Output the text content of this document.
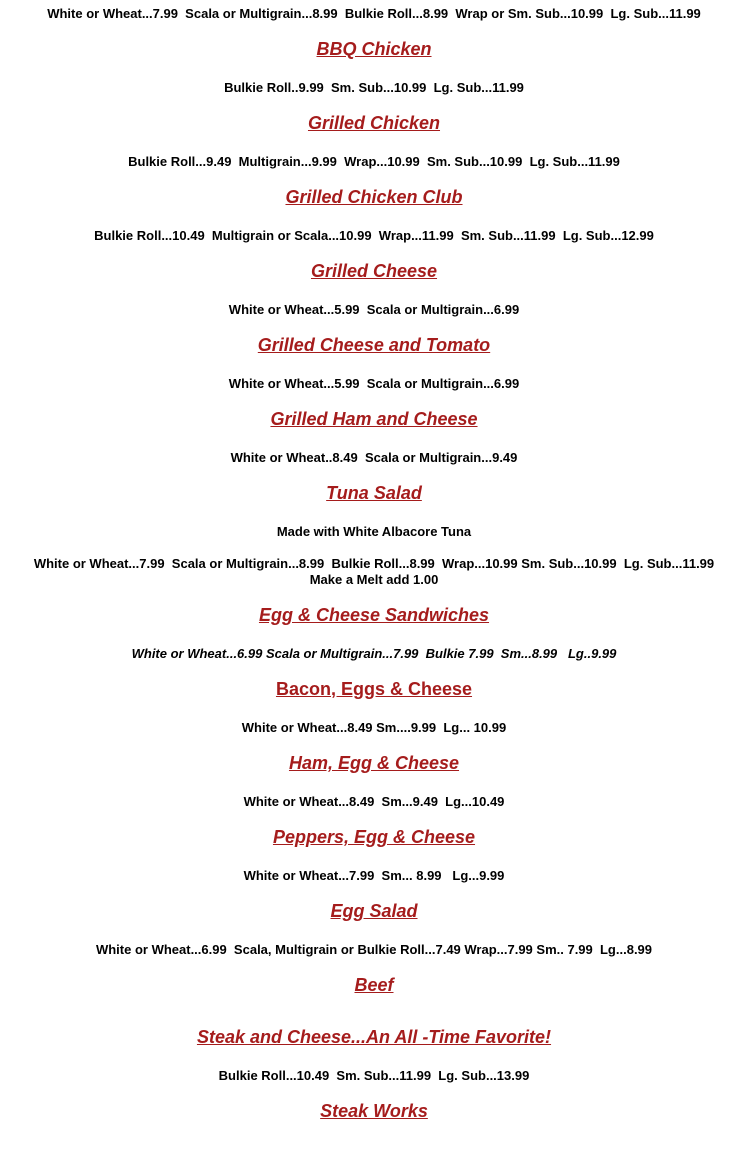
White or Wheat...7.99  Scala or Multigrain...8.99  Bulkie Roll...8.99  Wrap or Sm. Sub...10.99  Lg. Sub...11.99
BBQ Chicken
Bulkie Roll..9.99  Sm. Sub...10.99  Lg. Sub...11.99
Grilled Chicken
Bulkie Roll...9.49  Multigrain...9.99  Wrap...10.99  Sm. Sub...10.99  Lg. Sub...11.99
Grilled Chicken Club
Bulkie Roll...10.49  Multigrain or Scala...10.99  Wrap...11.99  Sm. Sub...11.99  Lg. Sub...12.99
Grilled Cheese
White or Wheat...5.99  Scala or Multigrain...6.99
Grilled Cheese and Tomato
White or Wheat...5.99  Scala or Multigrain...6.99
Grilled Ham and Cheese
White or Wheat..8.49  Scala or Multigrain...9.49
Tuna Salad
Made with White Albacore Tuna
White or Wheat...7.99  Scala or Multigrain...8.99  Bulkie Roll...8.99  Wrap...10.99 Sm. Sub...10.99  Lg. Sub...11.99
Make a Melt add 1.00
Egg & Cheese Sandwiches
White or Wheat...6.99 Scala or Multigrain...7.99  Bulkie 7.99  Sm...8.99   Lg..9.99
Bacon, Eggs & Cheese
White or Wheat...8.49 Sm....9.99  Lg... 10.99
Ham, Egg & Cheese
White or Wheat...8.49  Sm...9.49  Lg...10.49
Peppers, Egg & Cheese
White or Wheat...7.99  Sm... 8.99   Lg...9.99
Egg Salad
White or Wheat...6.99  Scala, Multigrain or Bulkie Roll...7.49 Wrap...7.99 Sm.. 7.99  Lg...8.99
Beef
Steak and Cheese...An All -Time Favorite!
Bulkie Roll...10.49  Sm. Sub...11.99  Lg. Sub...13.99
Steak Works
